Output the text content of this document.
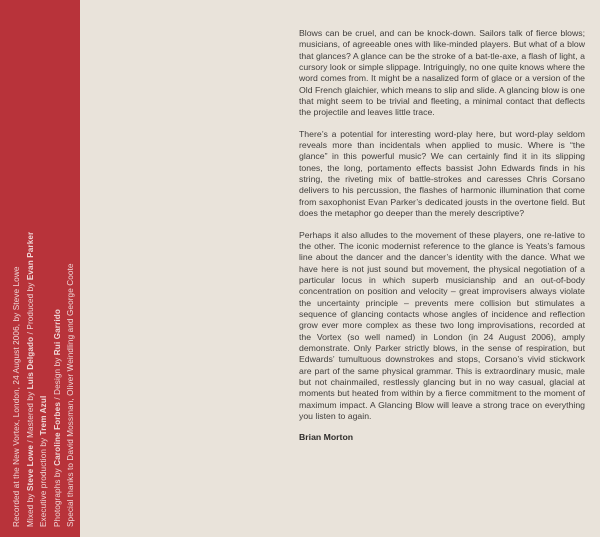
Recorded at the New Vortex, London, 24 August 2006, by Steve Lowe Mixed by Steve Lowe / Mastered by Luís Delgado / Produced by Evan Parker
Executive production by Trem Azul
Photographs by Caroline Forbes / Design by Rui Garrido Special thanks to David Mossman, Oliver Weindling and George Coote

Blows can be cruel, and can be knock-down. Sailors talk of fierce blows; musicians, of agreeable ones with like-minded players. But what of a blow that glances? A glance can be the stroke of a bat-tle-axe, a flash of light, a cursory look or simple slippage. Intriguingly, no one quite knows where the word comes from. It might be a nasalized form of glace or a version of the Old French glaichier, which means to slip and slide. A glancing blow is one that might seem to be trivial and fleeting, a minimal contact that deflects the projectile and leaves little trace.

There’s a potential for interesting word-play here, but word-play seldom reveals more than incidentals when applied to music. Where is “the glance” in this powerful music? We can certainly find it in its slipping tones, the long, portamento effects bassist John Edwards finds in his string, the riveting mix of battle-strokes and caresses Chris Corsano delivers to his percussion, the flashes of harmonic illumination that come from saxophonist Evan Parker’s dedicated jousts in the overtone field. But does the metaphor go deeper than the merely descriptive?

Perhaps it also alludes to the movement of these players, one re-lative to the other. The iconic modernist reference to the glance is Yeats’s famous line about the dancer and the dancer’s identity with the dance. What we have here is not just sound but movement, the physical negotiation of a particular locus in which superb musicianship and an out-of-body concentration on position and velocity – great improvisers always violate the uncertainty principle – prevents mere collision but stimulates a sequence of glancing contacts whose angles of incidence and reflection grow ever more complex as these two long improvisations, recorded at the Vortex (so well named) in London (in 24 August 2006), amply demonstrate. Only Parker strictly blows, in the sense of respiration, but Edwards’ tumultuous downstrokes and stops, Corsano’s vivid stickwork are part of the same physical grammar. This is extraordinary music, male but not chainmailed, restlessly glancing but in no way casual, glacial at moments but heated from within by a fierce commitment to the moment of maximum impact. A Glancing Blow will leave a strong trace on everything you listen to again.

Brian Morton
